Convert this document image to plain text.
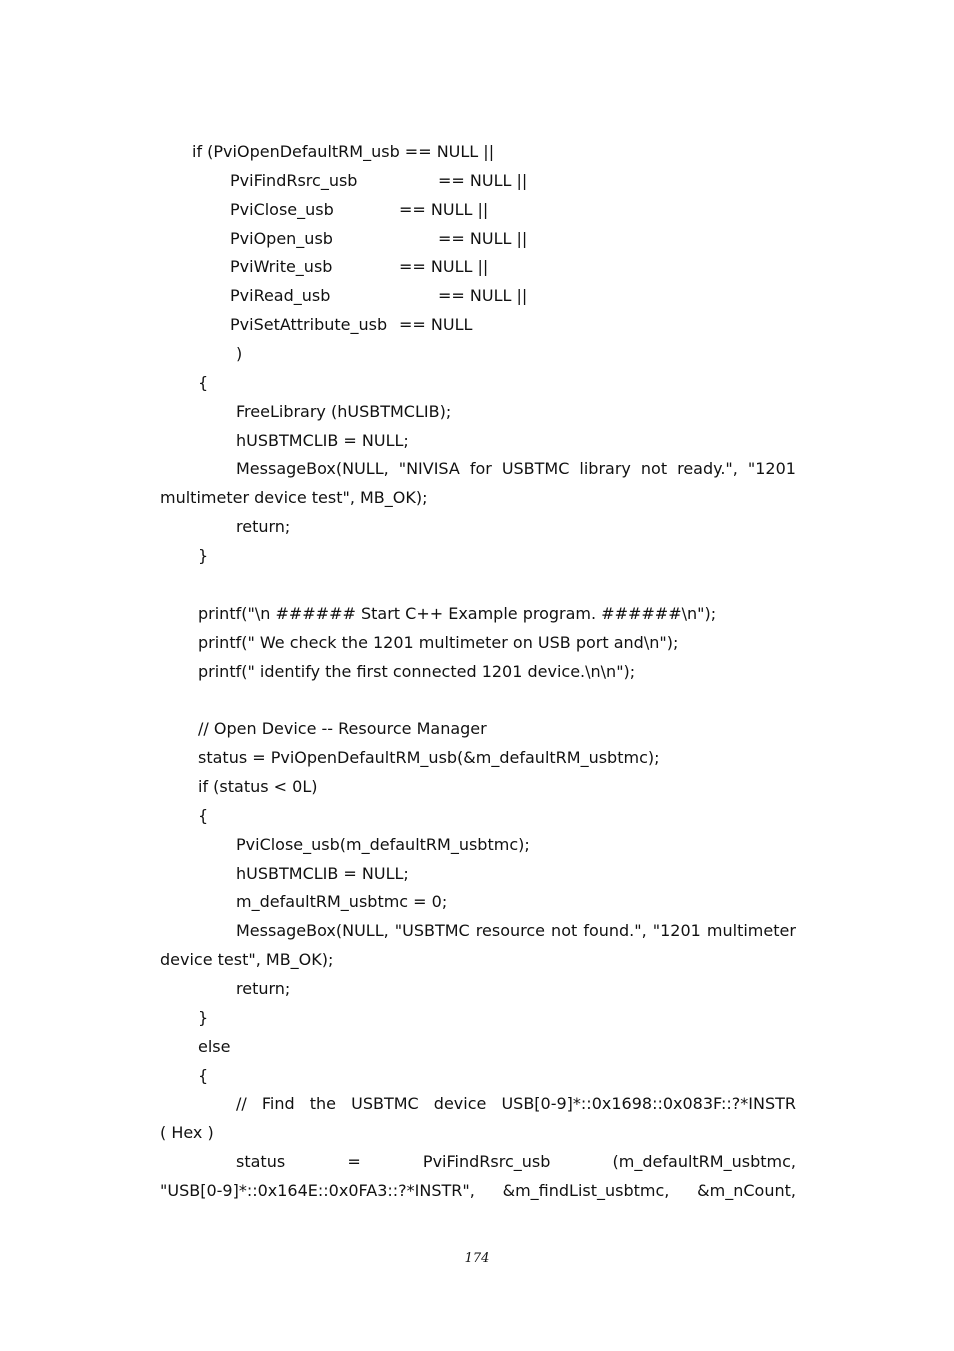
if (PviOpenDefaultRM_usb == NULL ||
PviFindRsrc_usb	== NULL ||
PviClose_usb	== NULL ||
PviOpen_usb	== NULL ||
PviWrite_usb	== NULL ||
PviRead_usb	== NULL ||
PviSetAttribute_usb == NULL
)
{
FreeLibrary (hUSBTMCLIB);
hUSBTMCLIB = NULL;
MessageBox(NULL, "NIVISA for USBTMC library not ready.", "1201
multimeter device test", MB_OK);
return;
}
printf("\n ###### Start C++ Example program. ######\n");
printf(" We check the 1201 multimeter on USB port and\n");
printf(" identify the first connected 1201 device.\n\n");
// Open Device -- Resource Manager
status = PviOpenDefaultRM_usb(&m_defaultRM_usbtmc);
if (status < 0L)
{
PviClose_usb(m_defaultRM_usbtmc);
hUSBTMCLIB = NULL;
m_defaultRM_usbtmc = 0;
MessageBox(NULL, "USBTMC resource not found.", "1201 multimeter
device test", MB_OK);
return;
}
else
{
// Find the USBTMC device USB[0-9]*::0x1698::0x083F::?*INSTR
( Hex )
status	=	PviFindRsrc_usb	(m_defaultRM_usbtmc,
"USB[0-9]*::0x164E::0x0FA3::?*INSTR", &m_findList_usbtmc, &m_nCount,
174
